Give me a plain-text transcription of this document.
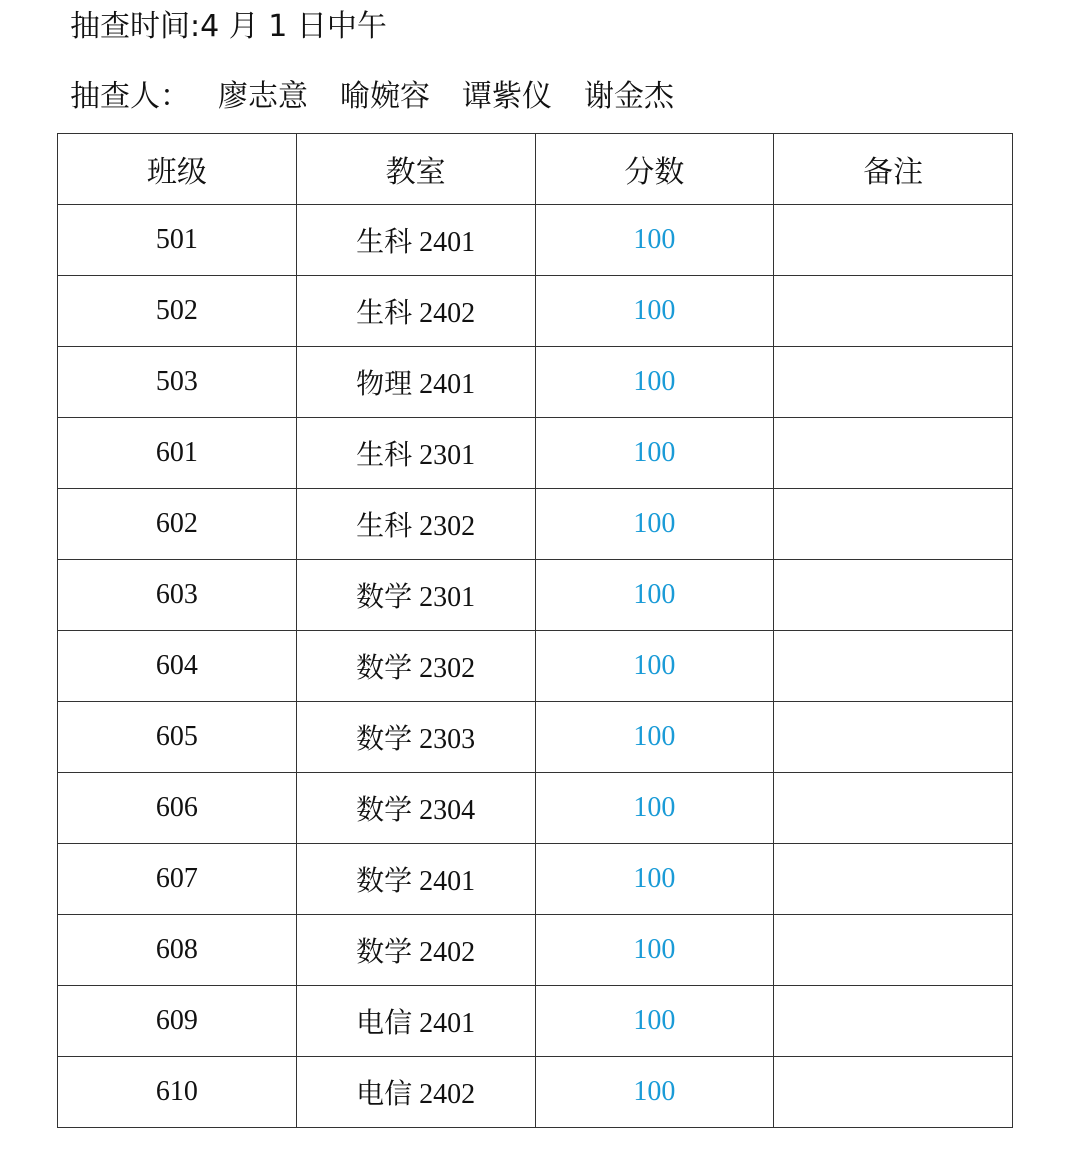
抽查时间:4 月 1 日中午
抽查人： 廖志意 喻婉容 谭紫仪 谢金杰
班级	教室	分数	备注
501	生科 2401	100	
502	生科 2402	100	
503	物理 2401	100	
601	生科 2301	100	
602	生科 2302	100	
603	数学 2301	100	
604	数学 2302	100	
605	数学 2303	100	
606	数学 2304	100	
607	数学 2401	100	
608	数学 2402	100	
609	电信 2401	100	
610	电信 2402	100	
